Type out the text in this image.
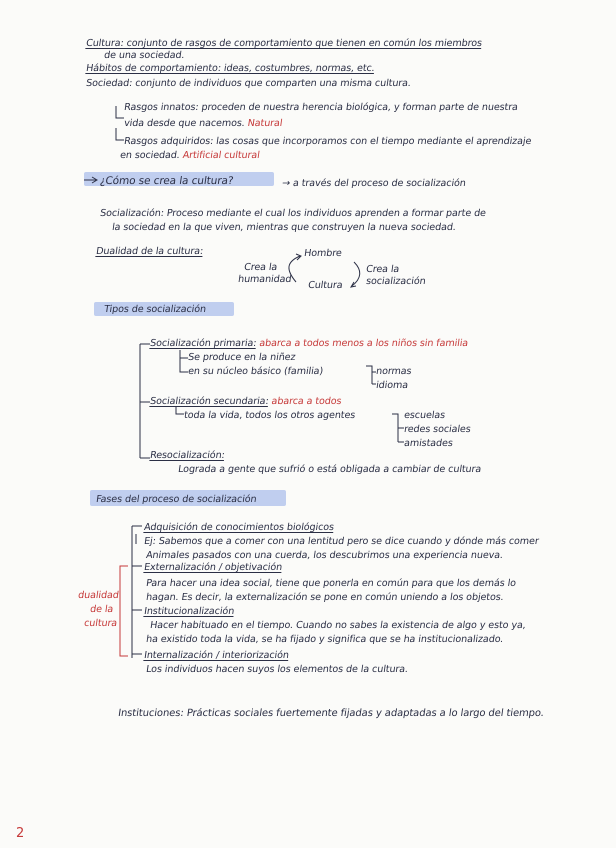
Cultura: conjunto de rasgos de comportamiento que tienen en común los miembros
de una sociedad.
Hábitos de comportamiento: ideas, costumbres, normas, etc.
Sociedad: conjunto de individuos que comparten una misma cultura.
Rasgos innatos: proceden de nuestra herencia biológica, y forman parte de nuestra
vida desde que nacemos. Natural
Rasgos adquiridos: las cosas que incorporamos con el tiempo mediante el aprendizaje
en sociedad. Artificial cultural
¿Cómo se crea la cultura?	→ a través del proceso de socialización
Socialización: Proceso mediante el cual los individuos aprenden a formar parte de
la sociedad en la que viven, mientras que construyen la nueva sociedad.
Dualidad de la cultura:	Hombre
Crea la
humanidad
Crea la
socialización
Cultura
Tipos de socialización
Socialización primaria: abarca a todos menos a los niños sin familia
Se produce en la niñez
en su núcleo básico (familia)	normas
idioma
Socialización secundaria: abarca a todos
toda la vida, todos los otros agentes	escuelas
redes sociales
amistades
Resocialización:
Lograda a gente que sufrió o está obligada a cambiar de cultura
Fases del proceso de socialización
Adquisición de conocimientos biológicos
Ej: Sabemos que a comer con una lentitud pero se dice cuando y dónde más comer
Animales pasados con una cuerda, los descubrimos una experiencia nueva.
Externalización / objetivación
Para hacer una idea social, tiene que ponerla en común para que los demás lo
hagan. Es decir, la externalización se pone en común uniendo a los objetos.
Institucionalización
Hacer habituado en el tiempo. Cuando no sabes la existencia de algo y esto ya,
ha existido toda la vida, se ha fijado y significa que se ha institucionalizado.
Internalización / interiorización
Los individuos hacen suyos los elementos de la cultura.
dualidad
de la
cultura
Instituciones: Prácticas sociales fuertemente fijadas y adaptadas a lo largo del tiempo.
2
